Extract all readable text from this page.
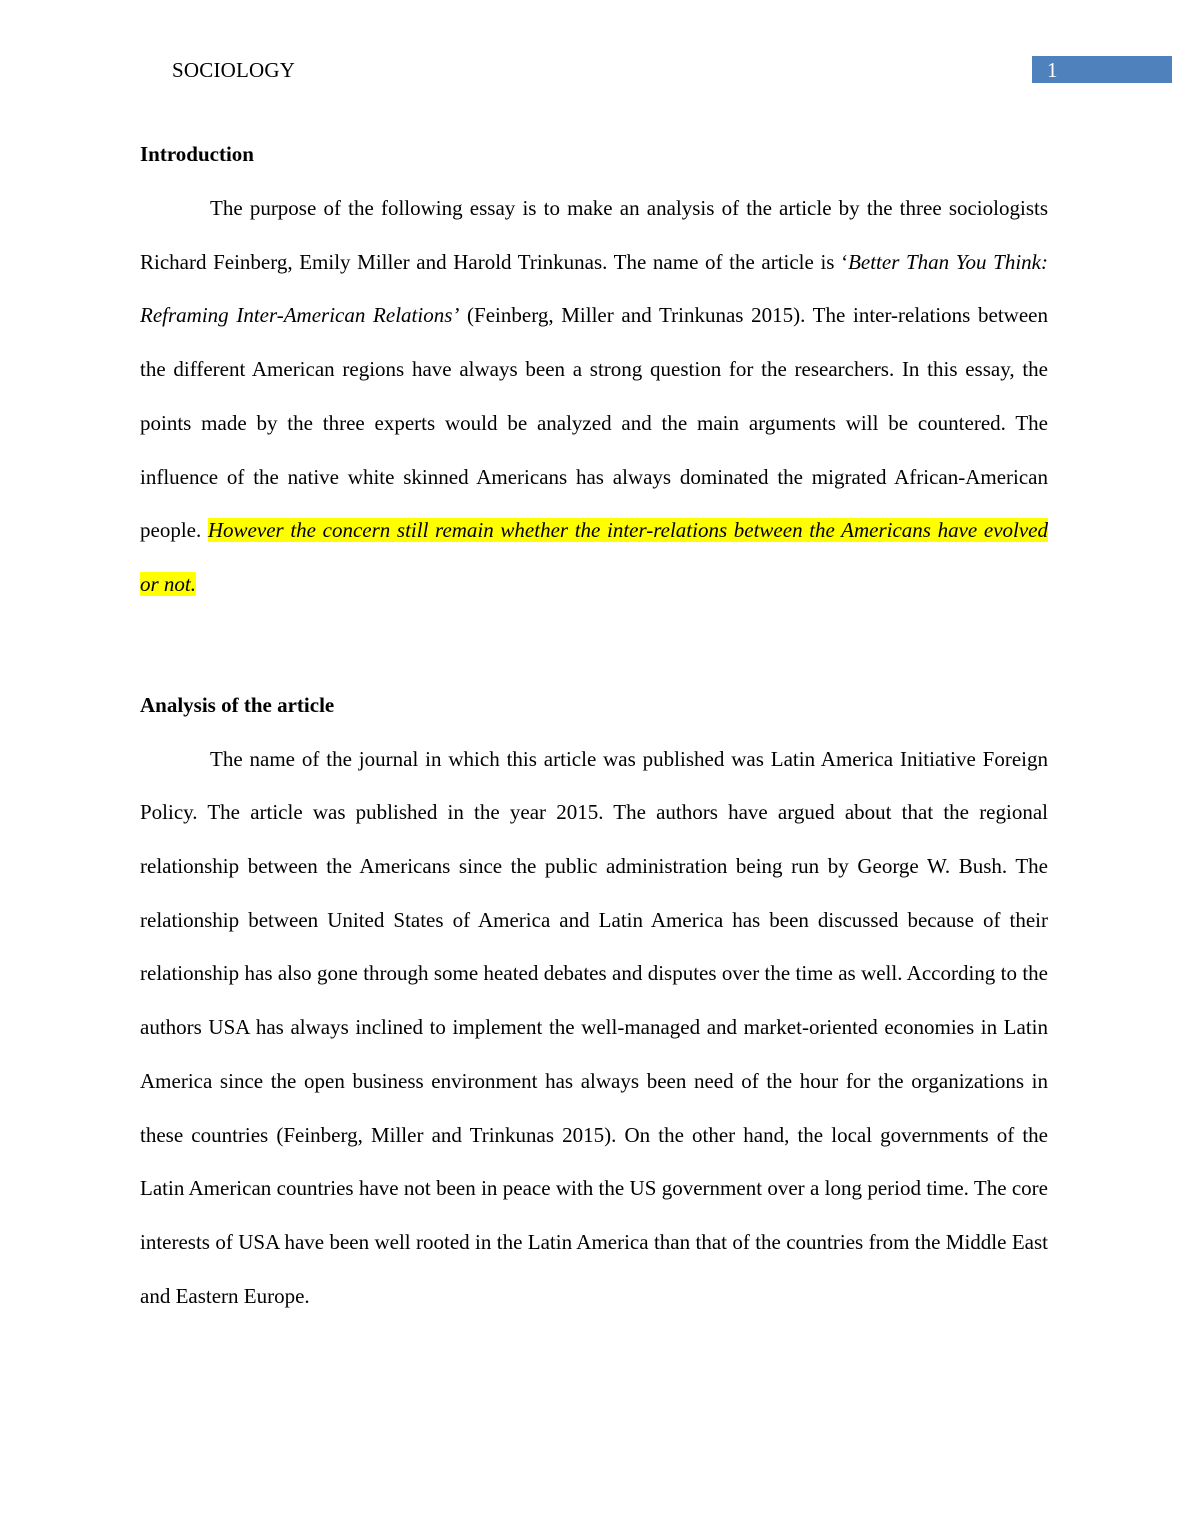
SOCIOLOGY	1
Introduction

The purpose of the following essay is to make an analysis of the article by the three sociologists Richard Feinberg, Emily Miller and Harold Trinkunas. The name of the article is ‘Better Than You Think: Reframing Inter-American Relations’ (Feinberg, Miller and Trinkunas 2015). The inter-relations between the different American regions have always been a strong question for the researchers. In this essay, the points made by the three experts would be analyzed and the main arguments will be countered. The influence of the native white skinned Americans has always dominated the migrated African-American people. However the concern still remain whether the inter-relations between the Americans have evolved or not.

Analysis of the article

The name of the journal in which this article was published was Latin America Initiative Foreign Policy. The article was published in the year 2015. The authors have argued about that the regional relationship between the Americans since the public administration being run by George W. Bush. The relationship between United States of America and Latin America has been discussed because of their relationship has also gone through some heated debates and disputes over the time as well. According to the authors USA has always inclined to implement the well-managed and market-oriented economies in Latin America since the open business environment has always been need of the hour for the organizations in these countries (Feinberg, Miller and Trinkunas 2015). On the other hand, the local governments of the Latin American countries have not been in peace with the US government over a long period time. The core interests of USA have been well rooted in the Latin America than that of the countries from the Middle East and Eastern Europe.
